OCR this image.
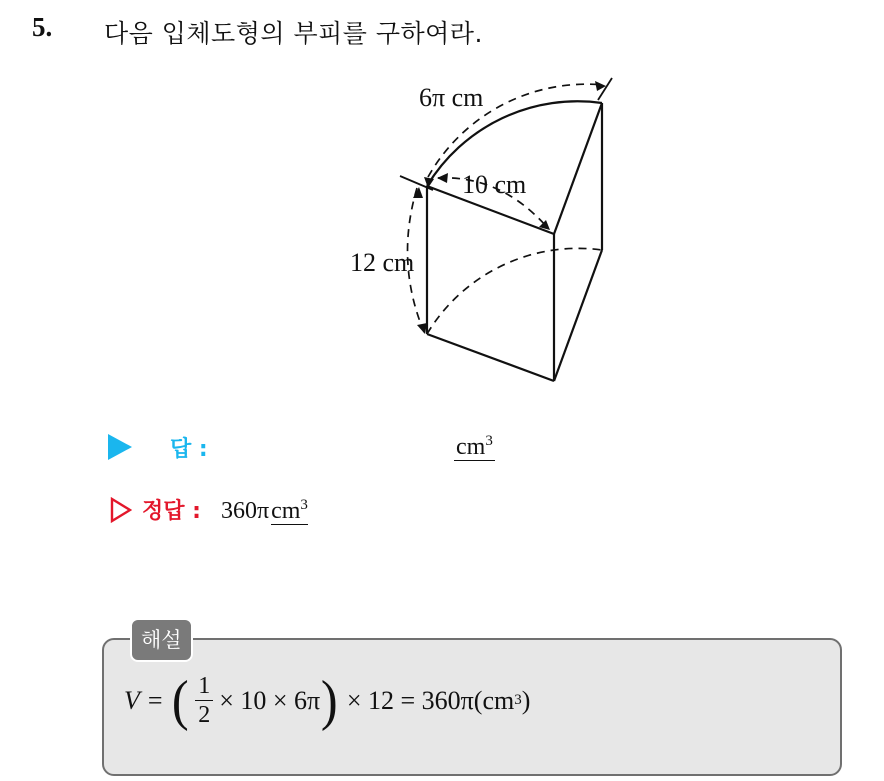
5. 다음 입체도형의 부피를 구하여라.
6π cm
10 cm
12 cm
답 :	$cm^3$
정답 : 360π $cm^3$
해설
V = ( $\frac{1}{2} \times 10 \times 6\pi$ ) × 12 = 360π(cm 3 )
